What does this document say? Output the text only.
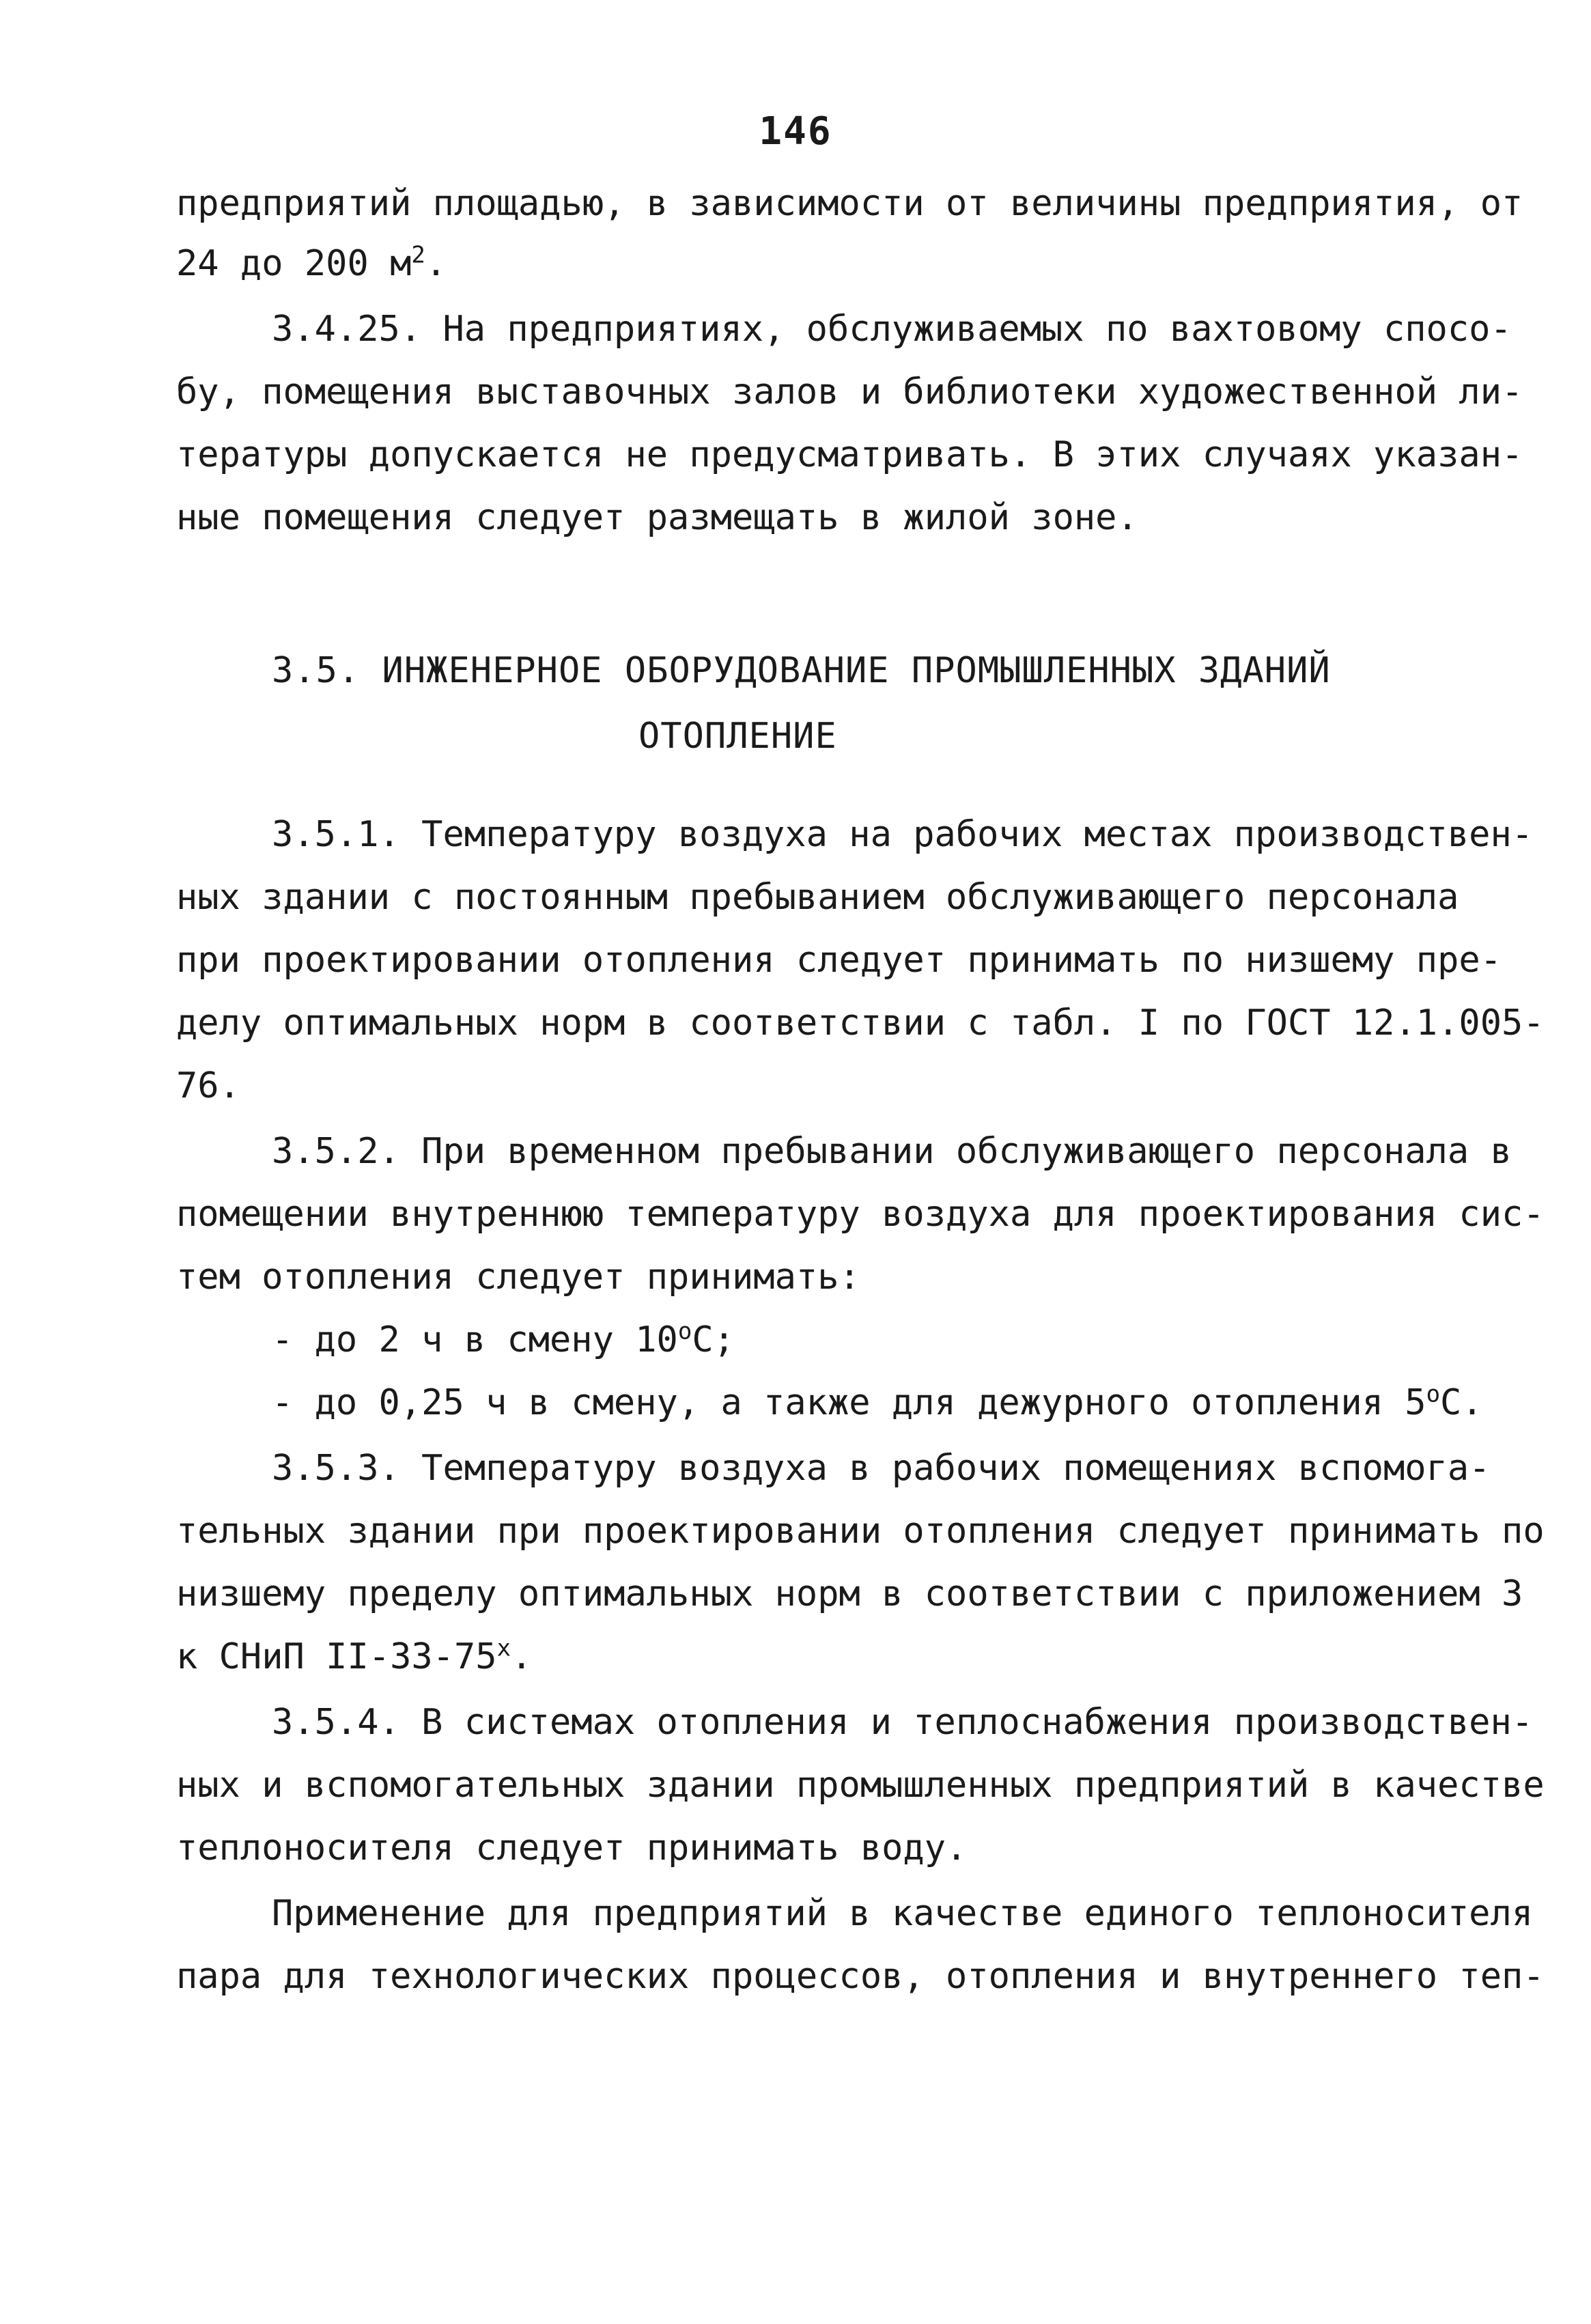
146
предприятий площадью, в зависимости от величины предприятия, от
24 до 200 $м^2$.
3.4.25. На предприятиях, обслуживаемых по вахтовому спосо-
бу, помещения выставочных залов и библиотеки художественной ли-
тературы допускается не предусматривать. В этих случаях указан-
ные помещения следует размещать в жилой зоне.
3.5. ИНЖЕНЕРНОЕ ОБОРУДОВАНИЕ ПРОМЫШЛЕННЫХ ЗДАНИЙ
ОТОПЛЕНИЕ
3.5.1. Температуру воздуха на рабочих местах производствен-
ных здании с постоянным пребыванием обслуживающего персонала
при проектировании отопления следует принимать по низшему пре-
делу оптимальных норм в соответствии с табл. I по ГОСТ 12.1.005-
76.
3.5.2. При временном пребывании обслуживающего персонала в
помещении внутреннюю температуру воздуха для проектирования сис-
тем отопления следует принимать:
- до 2 ч в смену $10^оС$;
- до 0,25 ч в смену, а также для дежурного отопления $5^оС$.
3.5.3. Температуру воздуха в рабочих помещениях вспомога-
тельных здании при проектировании отопления следует принимать по
низшему пределу оптимальных норм в соответствии с приложением 3
к СНиП $II-33-75^х$.
3.5.4. В системах отопления и теплоснабжения производствен-
ных и вспомогательных здании промышленных предприятий в качестве
теплоносителя следует принимать воду.
Применение для предприятий в качестве единого теплоносителя
пара для технологических процессов, отопления и внутреннего теп-
